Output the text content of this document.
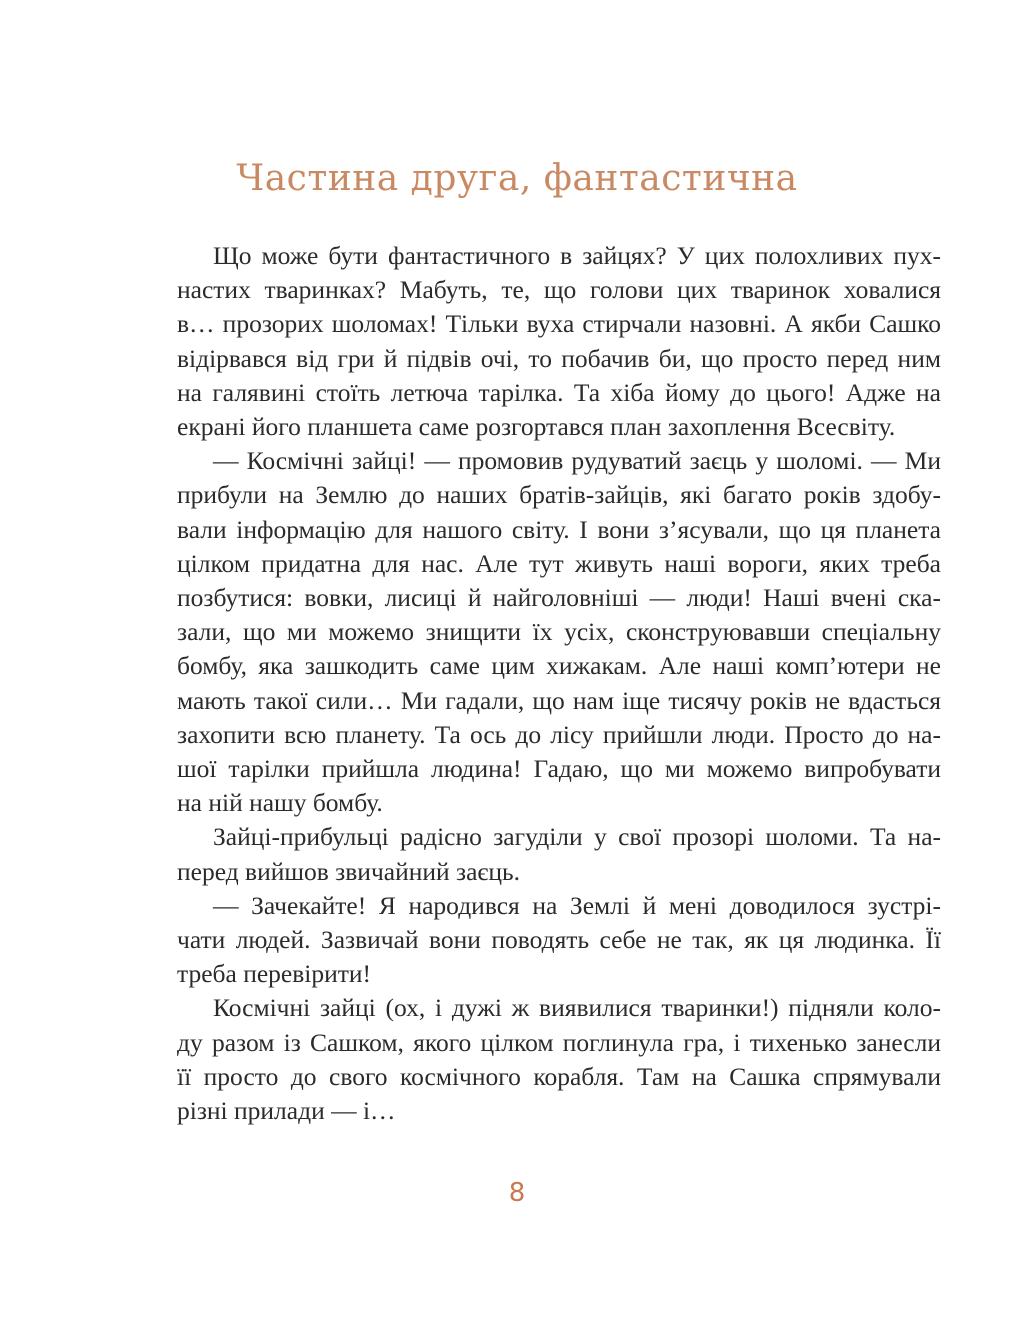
Частина друга, фантастична

Що може бути фантастичного в зайцях? У цих полохливих пух-
настих тваринках? Мабуть, те, що голови цих тваринок ховалися
в… прозорих шоломах! Тільки вуха стирчали назовні. А якби Сашко
відірвався від гри й підвів очі, то побачив би, що просто перед ним
на галявині стоїть летюча тарілка. Та хіба йому до цього! Адже на
екрані його планшета саме розгортався план захоплення Всесвіту.

— Космічні зайці! — промовив рудуватий заєць у шоломі. — Ми
прибули на Землю до наших братів-зайців, які багато років здобу-
вали інформацію для нашого світу. І вони з’ясували, що ця планета
цілком придатна для нас. Але тут живуть наші вороги, яких треба
позбутися: вовки, лисиці й найголовніші — люди! Наші вчені ска-
зали, що ми можемо знищити їх усіх, сконструювавши спеціальну
бомбу, яка зашкодить саме цим хижакам. Але наші комп’ютери не
мають такої сили… Ми гадали, що нам іще тисячу років не вдасться
захопити всю планету. Та ось до лісу прийшли люди. Просто до на-
шої тарілки прийшла людина! Гадаю, що ми можемо випробувати
на ній нашу бомбу.

Зайці-прибульці радісно загуділи у свої прозорі шоломи. Та на-
перед вийшов звичайний заєць.

— Зачекайте! Я народився на Землі й мені доводилося зустрі-
чати людей. Зазвичай вони поводять себе не так, як ця людинка. Її
треба перевірити!

Космічні зайці (ох, і дужі ж виявилися тваринки!) підняли коло-
ду разом із Сашком, якого цілком поглинула гра, і тихенько занесли
її просто до свого космічного корабля. Там на Сашка спрямували
різні прилади — і…

8
